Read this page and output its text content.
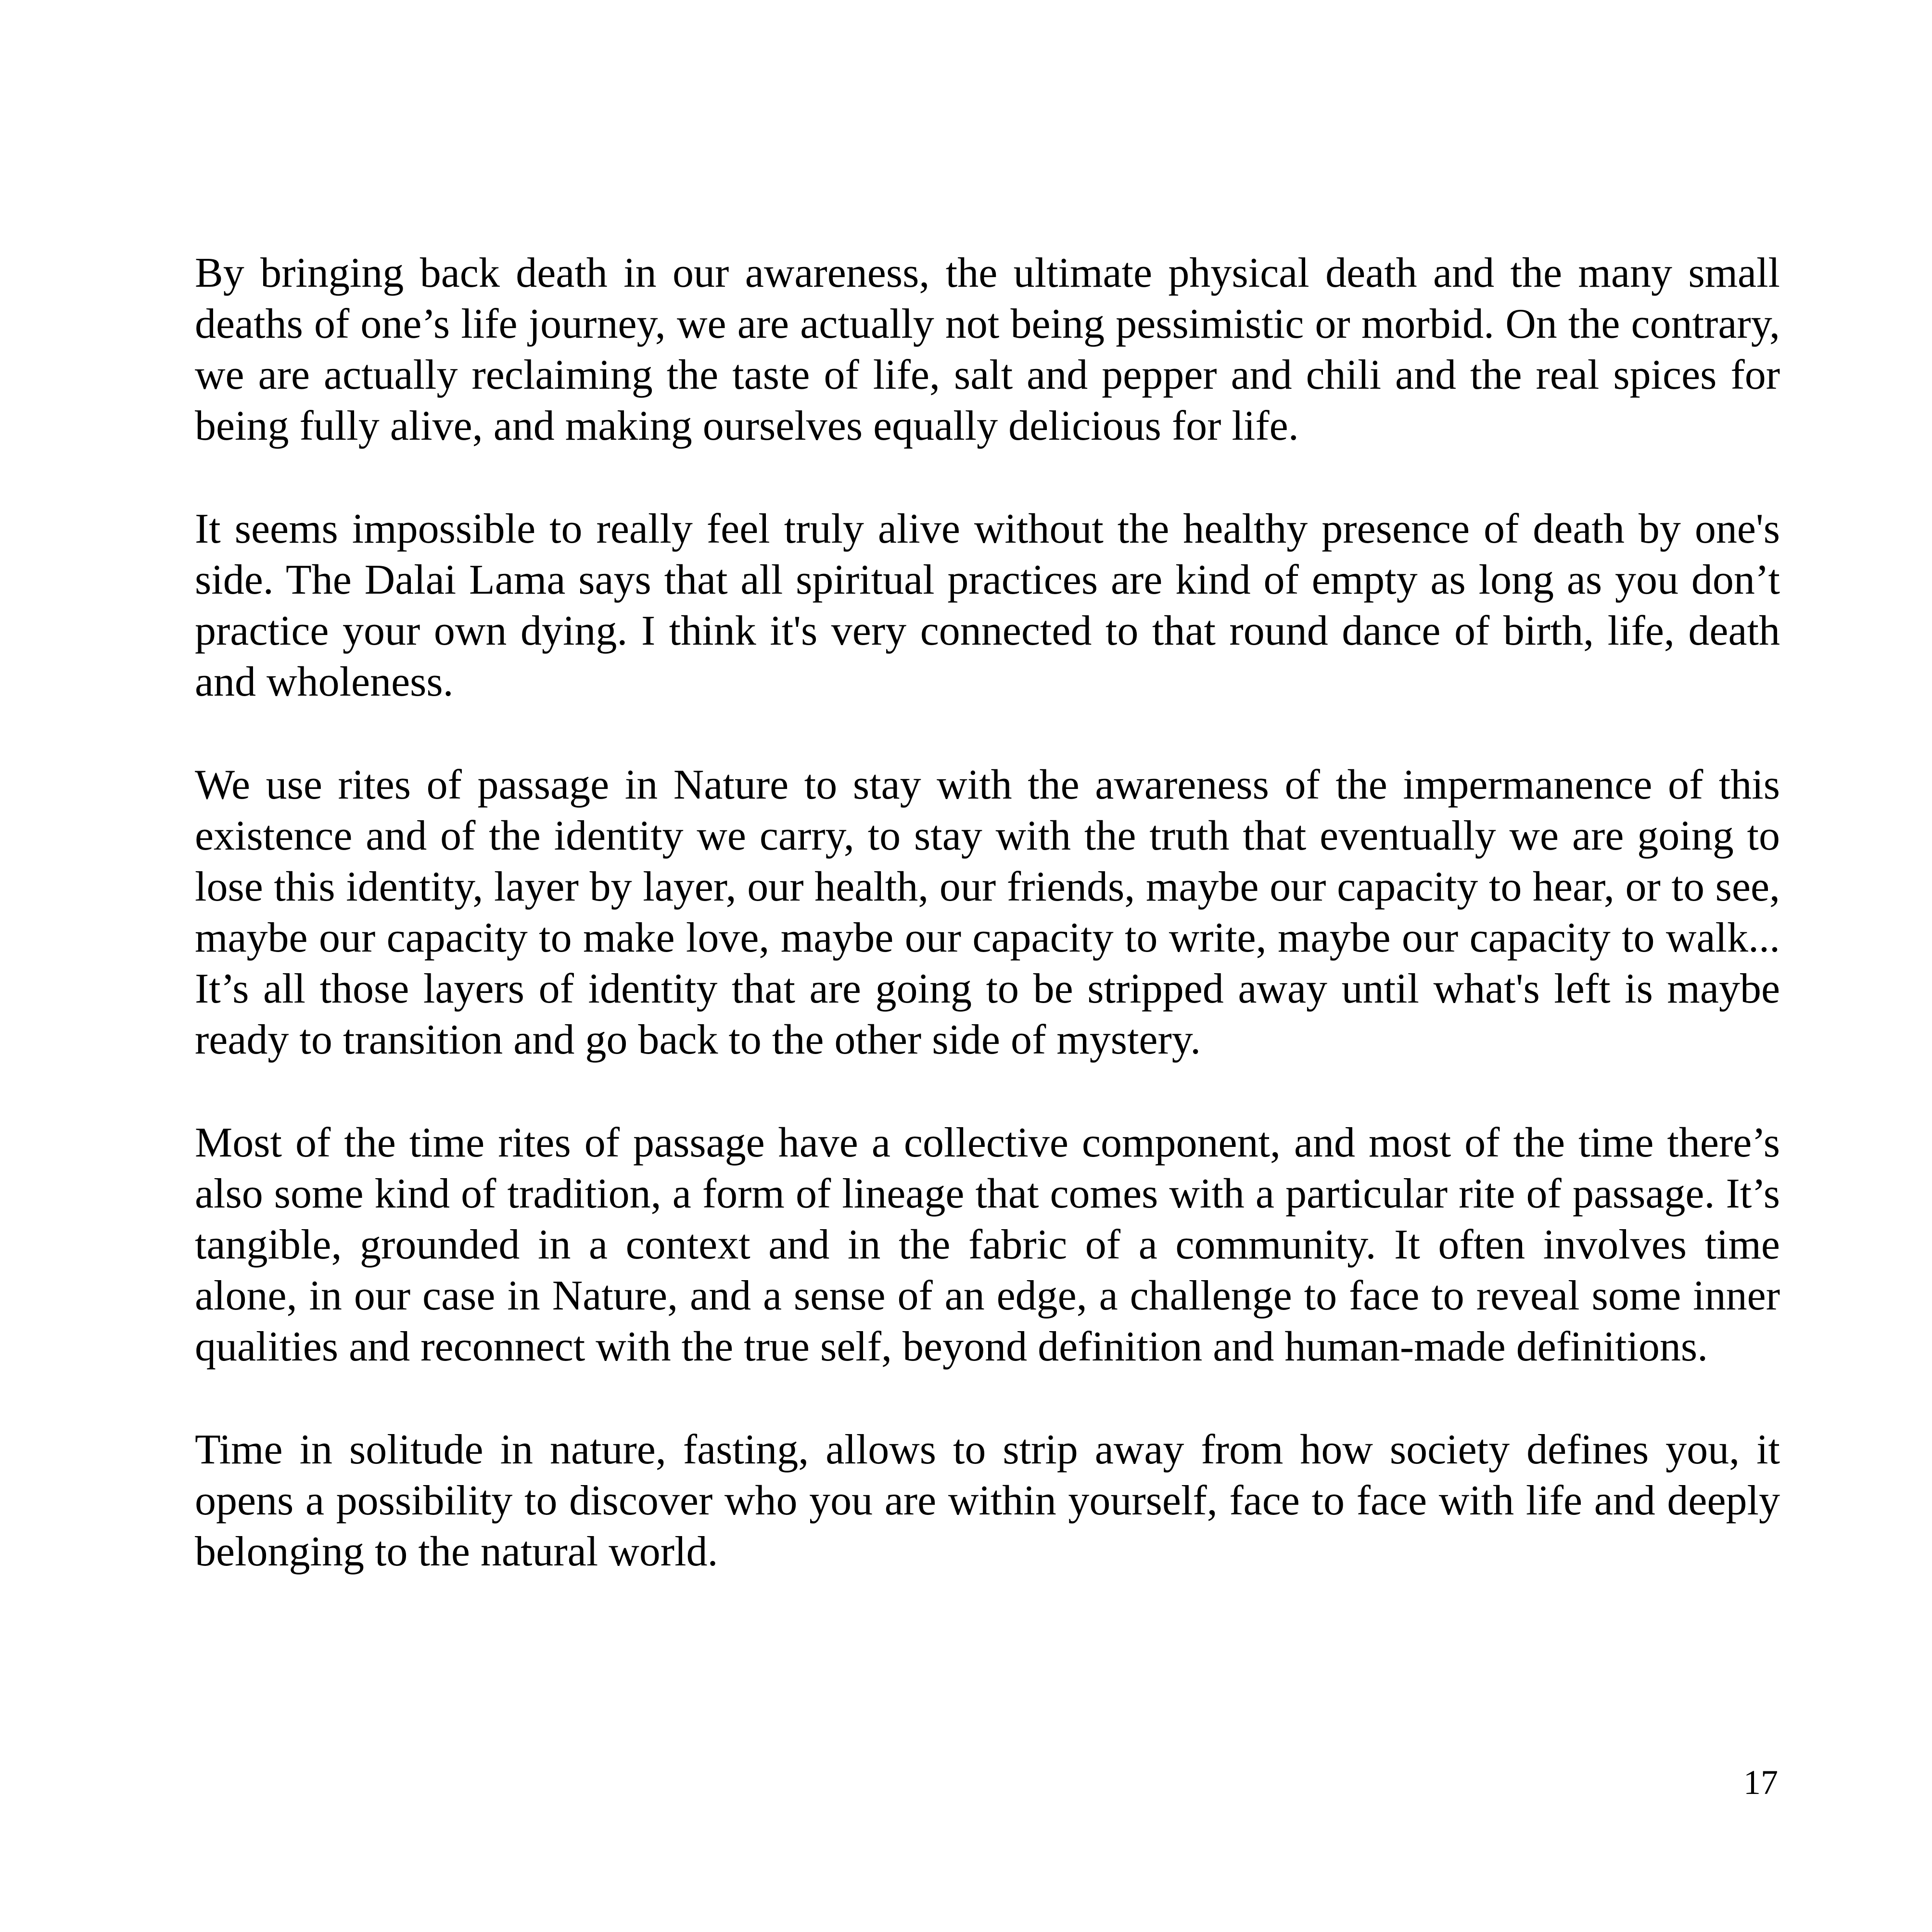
By bringing back death in our awareness, the ultimate physical death and the many small deaths of one’s life journey, we are actually not being pessimistic or morbid. On the contrary, we are actually reclaiming the taste of life, salt and pepper and chili and the real spices for being fully alive, and making ourselves equally delicious for life.

It seems impossible to really feel truly alive without the healthy presence of death by one's side. The Dalai Lama says that all spiritual practices are kind of empty as long as you don’t practice your own dying. I think it's very connected to that round dance of birth, life, death and wholeness.

We use rites of passage in Nature to stay with the awareness of the impermanence of this existence and of the identity we carry, to stay with the truth that eventually we are going to lose this identity, layer by layer, our health, our friends, maybe our capacity to hear, or to see, maybe our capacity to make love, maybe our capacity to write, maybe our capacity to walk... It’s all those layers of identity that are going to be stripped away until what's left is maybe ready to transition and go back to the other side of mystery.

Most of the time rites of passage have a collective component, and most of the time there’s also some kind of tradition, a form of lineage that comes with a particular rite of passage. It’s tangible, grounded in a context and in the fabric of a community. It often involves time alone, in our case in Nature, and a sense of an edge, a challenge to face to reveal some inner qualities and reconnect with the true self, beyond definition and human-made definitions.

Time in solitude in nature, fasting, allows to strip away from how society defines you, it opens a possibility to discover who you are within yourself, face to face with life and deeply belonging to the natural world.

17
